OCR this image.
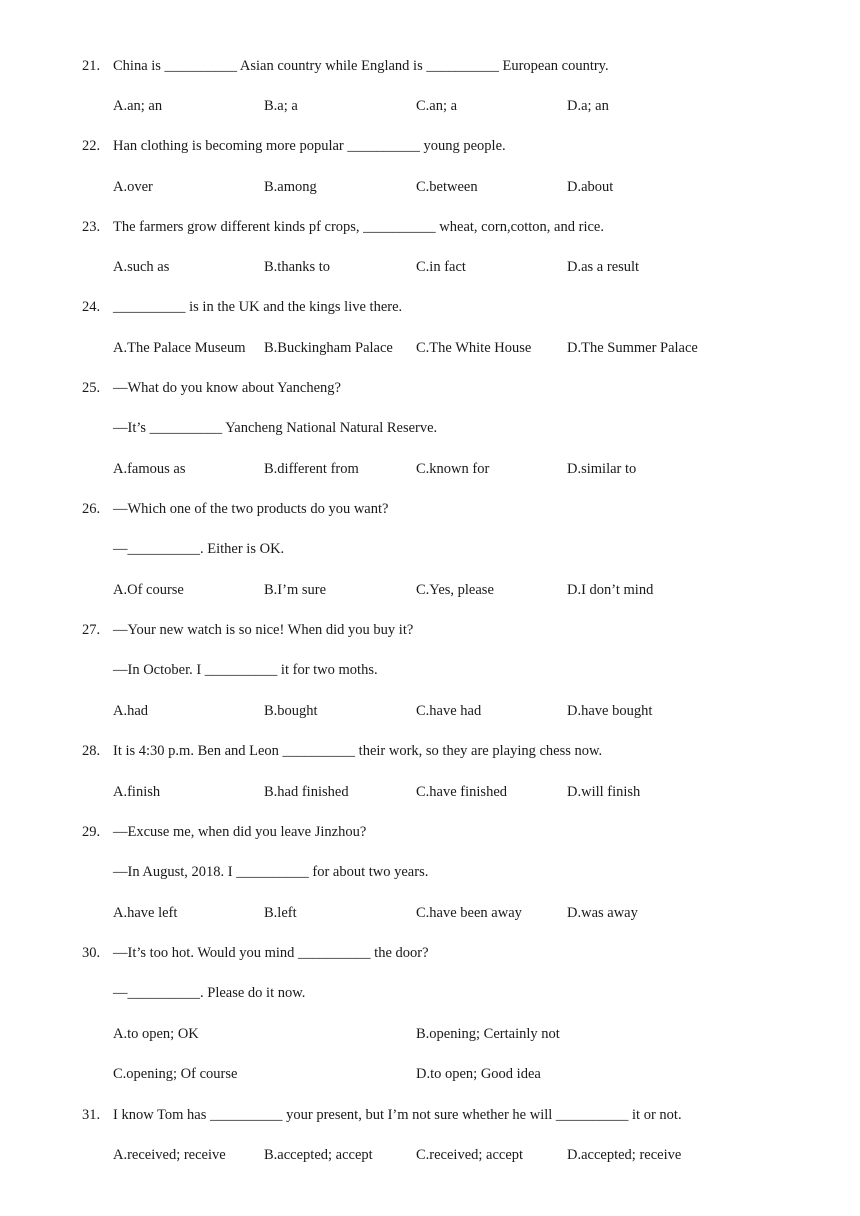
21. China is __________ Asian country while England is __________ European country.
A.an; an	B.a; a	C.an; a	D.a; an
22. Han clothing is becoming more popular __________ young people.
A.over	B.among	C.between	D.about
23. The farmers grow different kinds pf crops, __________ wheat, corn,cotton, and rice.
A.such as	B.thanks to	C.in fact	D.as a result
24. __________ is in the UK and the kings live there.
A.The Palace Museum B.Buckingham Palace C.The White House D.The Summer Palace
25. —What do you know about Yancheng?
—It’s __________ Yancheng National Natural Reserve.
A.famous as	B.different from	C.known for	D.similar to
26. —Which one of the two products do you want?
—__________. Either is OK.
A.Of course	B.I’m sure	C.Yes, please	D.I don’t mind
27. —Your new watch is so nice! When did you buy it?
—In October. I __________ it for two moths.
A.had	B.bought	C.have had	D.have bought
28. It is 4:30 p.m. Ben and Leon __________ their work, so they are playing chess now.
A.finish	B.had finished	C.have finished	D.will finish
29. —Excuse me, when did you leave Jinzhou?
—In August, 2018. I __________ for about two years.
A.have left	B.left	C.have been away	D.was away
30. —It’s too hot. Would you mind __________ the door?
—__________. Please do it now.
A.to open; OK	B.opening; Certainly not
C.opening; Of course	D.to open; Good idea
31. I know Tom has __________ your present, but I’m not sure whether he will __________ it or not.
A.received; receive	B.accepted; accept	C.received; accept	D.accepted; receive
